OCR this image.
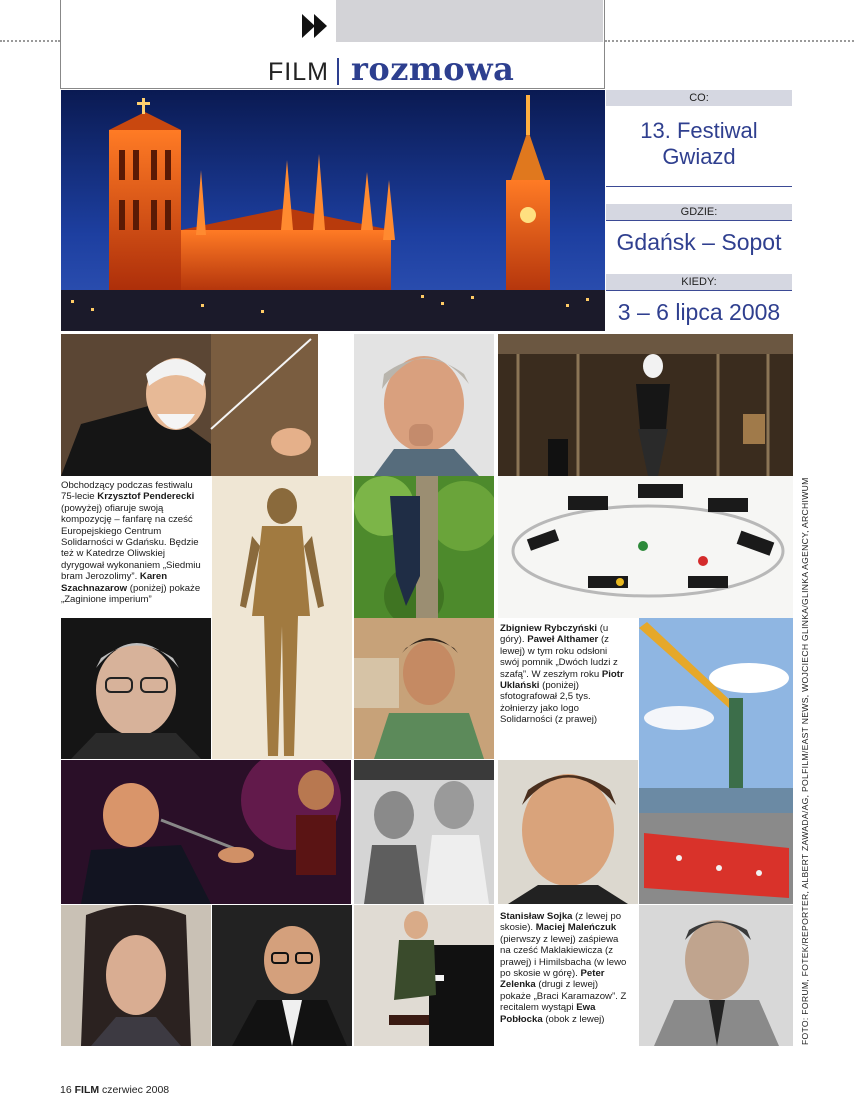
FILM rozmowa
CO:
13. Festiwal Gwiazd
GDZIE:
Gdańsk – Sopot
KIEDY:
3 – 6 lipca 2008
Obchodzący podczas festiwalu 75-lecie Krzysztof Penderecki (powyżej) ofiaruje swoją kompozycję – fanfarę na cześć Europejskiego Centrum Solidarności w Gdańsku. Będzie też w Katedrze Oliwskiej dyrygował wykonaniem „Siedmiu bram Jerozolimy”. Karen Szachnazarow (poniżej) pokaże „Zaginione imperium”
Zbigniew Rybczyński (u góry). Paweł Althamer (z lewej) w tym roku odsłoni swój pomnik „Dwóch ludzi z szafą”. W zeszłym roku Piotr Uklański (poniżej) sfotografował 2,5 tys. żołnierzy jako logo Solidarności (z prawej)
Stanisław Sojka (z lewej po skosie). Maciej Maleńczuk (pierwszy z lewej) zaśpiewa na cześć Maklakiewicza (z prawej) i Himilsbacha (w lewo po skosie w górę). Peter Zelenka (drugi z lewej) pokaże „Braci Karamazow”. Z recitalem wystąpi Ewa Pobłocka (obok z lewej)	FOTO: FORUM, FOTEK/REPORTER, ALBERT ZAWADA/AG, POLFILM/EAST NEWS, WOJCIECH GLINKA/GLINKA AGENCY, ARCHIWUM
16 FILM czerwiec 2008
